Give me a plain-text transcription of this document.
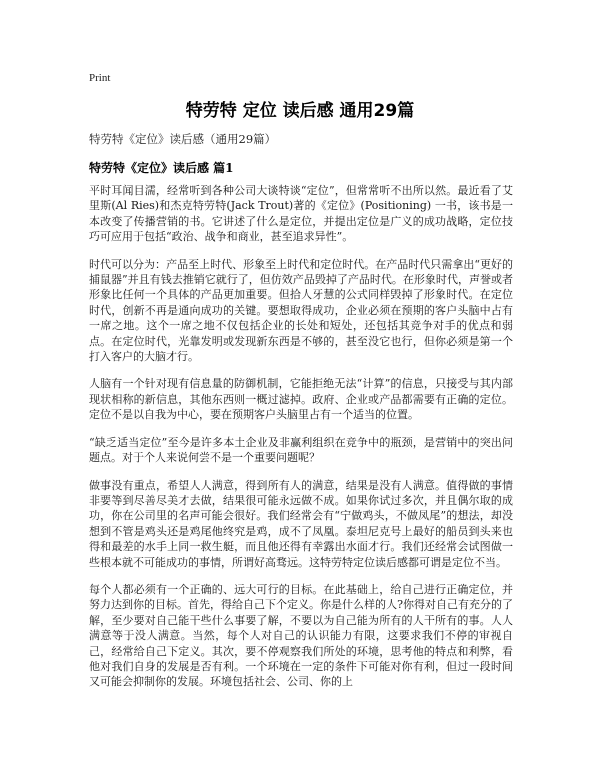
Print
特劳特 定位 读后感 通用29篇

特劳特《定位》读后感（通用29篇）

特劳特《定位》读后感 篇1

平时耳闻目濡，经常听到各种公司大谈特谈“定位”，但常常听不出所以然。最近看了艾里斯(Al Ries)和杰克特劳特(Jack Trout)著的《定位》(Positioning) 一书，该书是一本改变了传播营销的书。它讲述了什么是定位，并提出定位是广义的成功战略，定位技巧可应用于包括“政治、战争和商业，甚至追求异性”。

时代可以分为：产品至上时代、形象至上时代和定位时代。在产品时代只需拿出“更好的捕鼠器”并且有钱去推销它就行了，但仿效产品毁掉了产品时代。在形象时代，声誉或者形象比任何一个具体的产品更加重要。但拾人牙慧的公式同样毁掉了形象时代。在定位时代，创新不再是通向成功的关键。要想取得成功，企业必须在预期的客户头脑中占有一席之地。这个一席之地不仅包括企业的长处和短处，还包括其竞争对手的优点和弱点。在定位时代，光靠发明或发现新东西是不够的，甚至没它也行，但你必须是第一个打入客户的大脑才行。

人脑有一个针对现有信息量的防御机制，它能拒绝无法“计算”的信息，只接受与其内部现状相称的新信息，其他东西则一概过滤掉。政府、企业或产品都需要有正确的定位。定位不是以自我为中心，要在预期客户头脑里占有一个适当的位置。

“缺乏适当定位”至今是许多本土企业及非赢利组织在竞争中的瓶颈，是营销中的突出问题点。对于个人来说何尝不是一个重要问题呢？

做事没有重点，希望人人满意，得到所有人的满意，结果是没有人满意。值得做的事情非要等到尽善尽美才去做，结果很可能永远做不成。如果你试过多次，并且偶尔取的成功，你在公司里的名声可能会很好。我们经常会有“宁做鸡头，不做凤尾”的想法，却没想到不管是鸡头还是鸡尾他终究是鸡，成不了凤凰。泰坦尼克号上最好的船员到头来也得和最差的水手上同一救生艇，而且他还得有幸露出水面才行。我们还经常会试图做一些根本就不可能成功的事情，所谓好高骛远。这特劳特定位读后感都可谓是定位不当。

每个人都必须有一个正确的、远大可行的目标。在此基础上，给自己进行正确定位，并努力达到你的目标。首先，得给自己下个定义。你是什么样的人?你得对自己有充分的了解，至少要对自己能干些什么事要了解，不要以为自己能为所有的人干所有的事。人人满意等于没人满意。当然，每个人对自己的认识能力有限，这要求我们不停的审视自己，经常给自己下定义。其次，要不停观察我们所处的环境，思考他的特点和利弊，看他对我们自身的发展是否有利。一个环境在一定的条件下可能对你有利，但过一段时间又可能会抑制你的发展。环境包括社会、公司、你的上
